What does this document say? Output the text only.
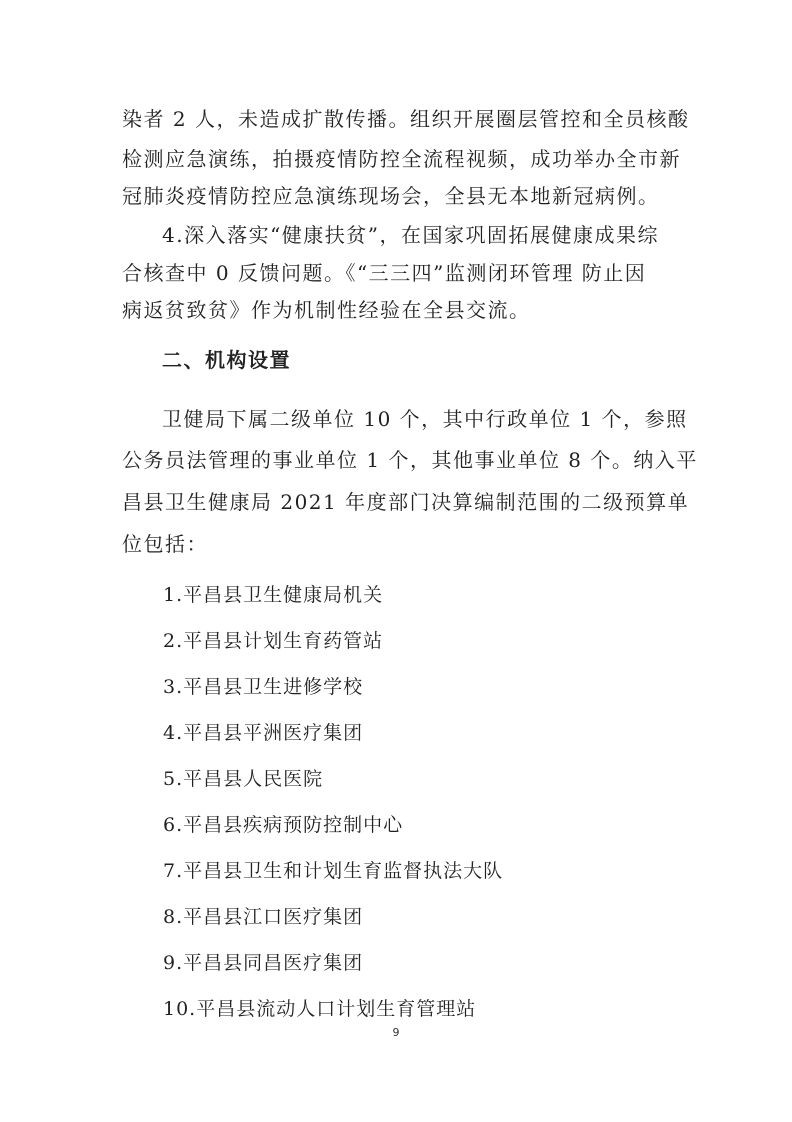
染者 2 人，未造成扩散传播。组织开展圈层管控和全员核酸
检测应急演练，拍摄疫情防控全流程视频，成功举办全市新
冠肺炎疫情防控应急演练现场会，全县无本地新冠病例。
4.深入落实“健康扶贫”，在国家巩固拓展健康成果综
合核查中 0 反馈问题。《“三三四”监测闭环管理 防止因
病返贫致贫》作为机制性经验在全县交流。
二、机构设置
卫健局下属二级单位 10 个，其中行政单位 1 个，参照
公务员法管理的事业单位 1 个，其他事业单位 8 个。纳入平
昌县卫生健康局 2021 年度部门决算编制范围的二级预算单
位包括：
1.平昌县卫生健康局机关
2.平昌县计划生育药管站
3.平昌县卫生进修学校
4.平昌县平洲医疗集团
5.平昌县人民医院
6.平昌县疾病预防控制中心
7.平昌县卫生和计划生育监督执法大队
8.平昌县江口医疗集团
9.平昌县同昌医疗集团
10.平昌县流动人口计划生育管理站
9
